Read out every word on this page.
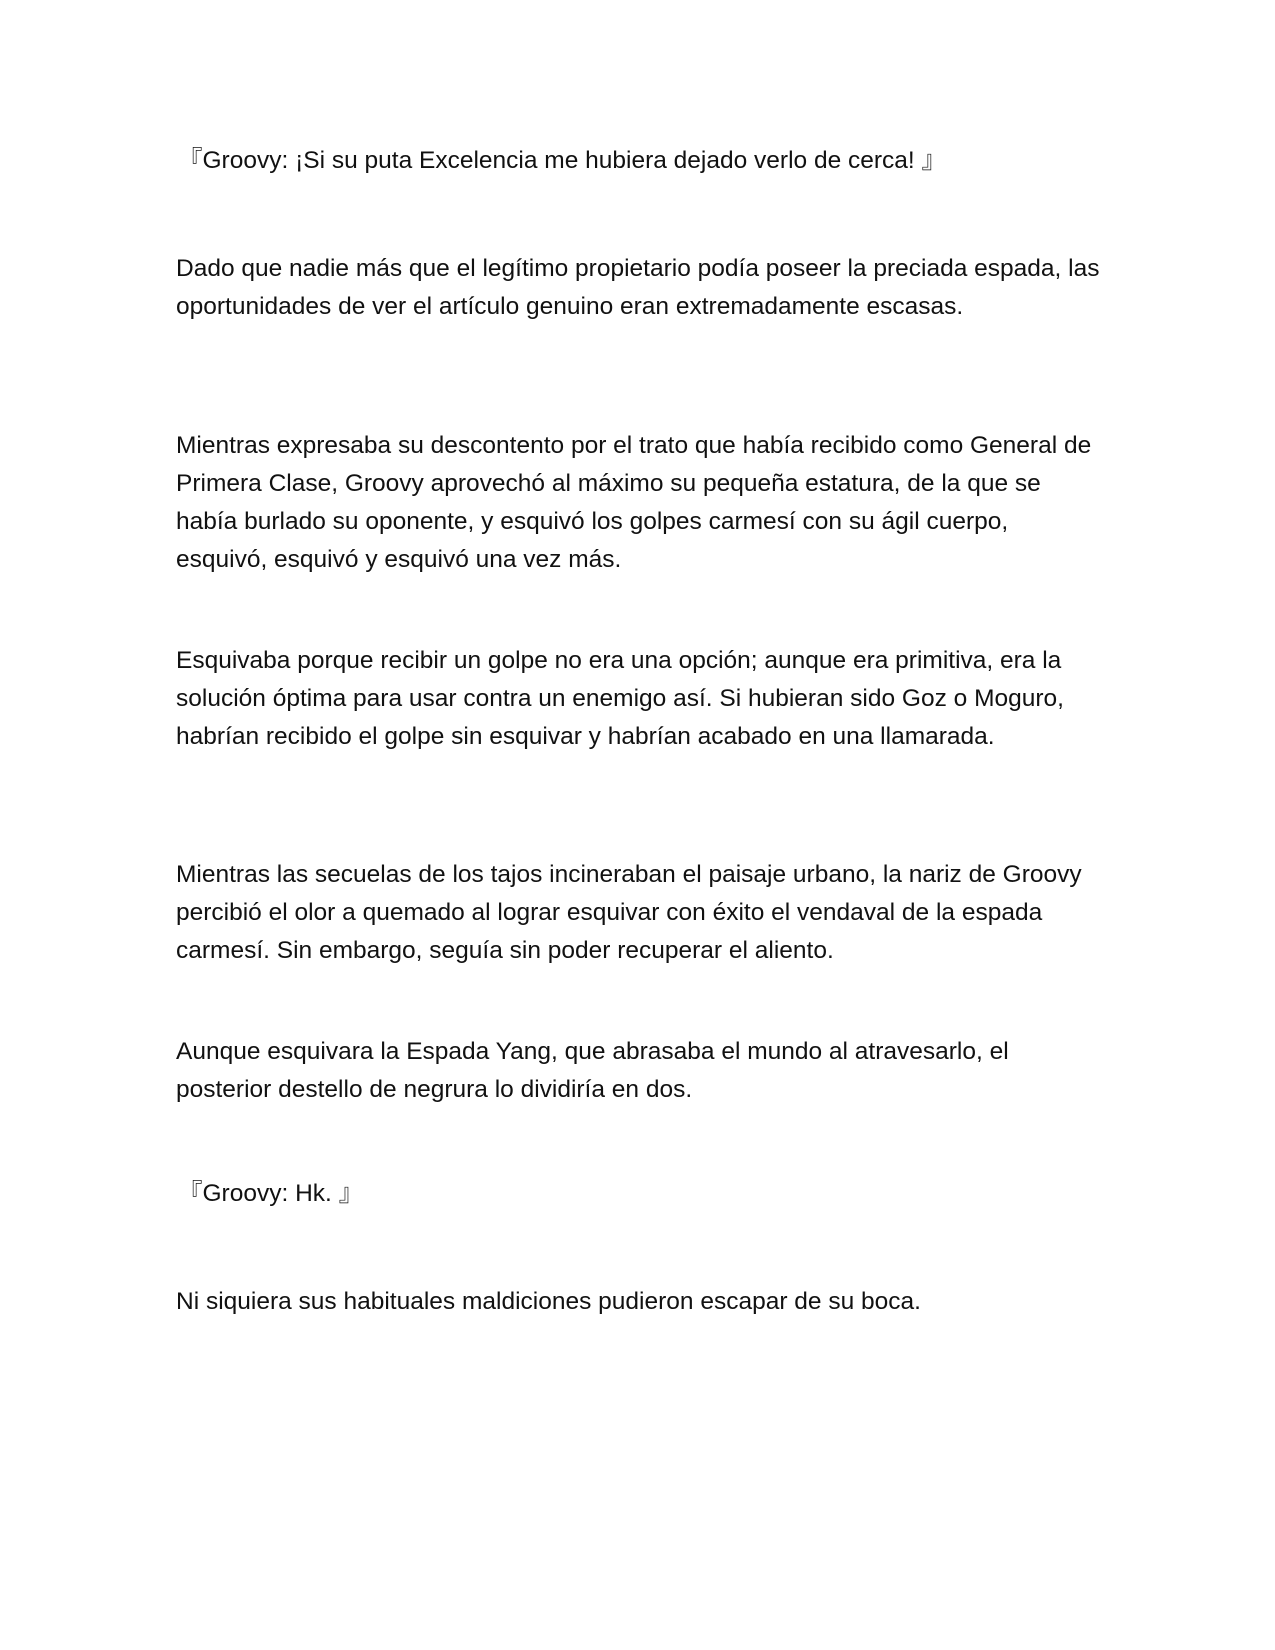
『Groovy: ¡Si su puta Excelencia me hubiera dejado verlo de cerca! 』

Dado que nadie más que el legítimo propietario podía poseer la preciada espada, las oportunidades de ver el artículo genuino eran extremadamente escasas.

Mientras expresaba su descontento por el trato que había recibido como General de Primera Clase, Groovy aprovechó al máximo su pequeña estatura, de la que se había burlado su oponente, y esquivó los golpes carmesí con su ágil cuerpo, esquivó, esquivó y esquivó una vez más.

Esquivaba porque recibir un golpe no era una opción; aunque era primitiva, era la solución óptima para usar contra un enemigo así. Si hubieran sido Goz o Moguro, habrían recibido el golpe sin esquivar y habrían acabado en una llamarada.

Mientras las secuelas de los tajos incineraban el paisaje urbano, la nariz de Groovy percibió el olor a quemado al lograr esquivar con éxito el vendaval de la espada carmesí. Sin embargo, seguía sin poder recuperar el aliento.

Aunque esquivara la Espada Yang, que abrasaba el mundo al atravesarlo, el posterior destello de negrura lo dividiría en dos.

『Groovy: Hk. 』

Ni siquiera sus habituales maldiciones pudieron escapar de su boca.
